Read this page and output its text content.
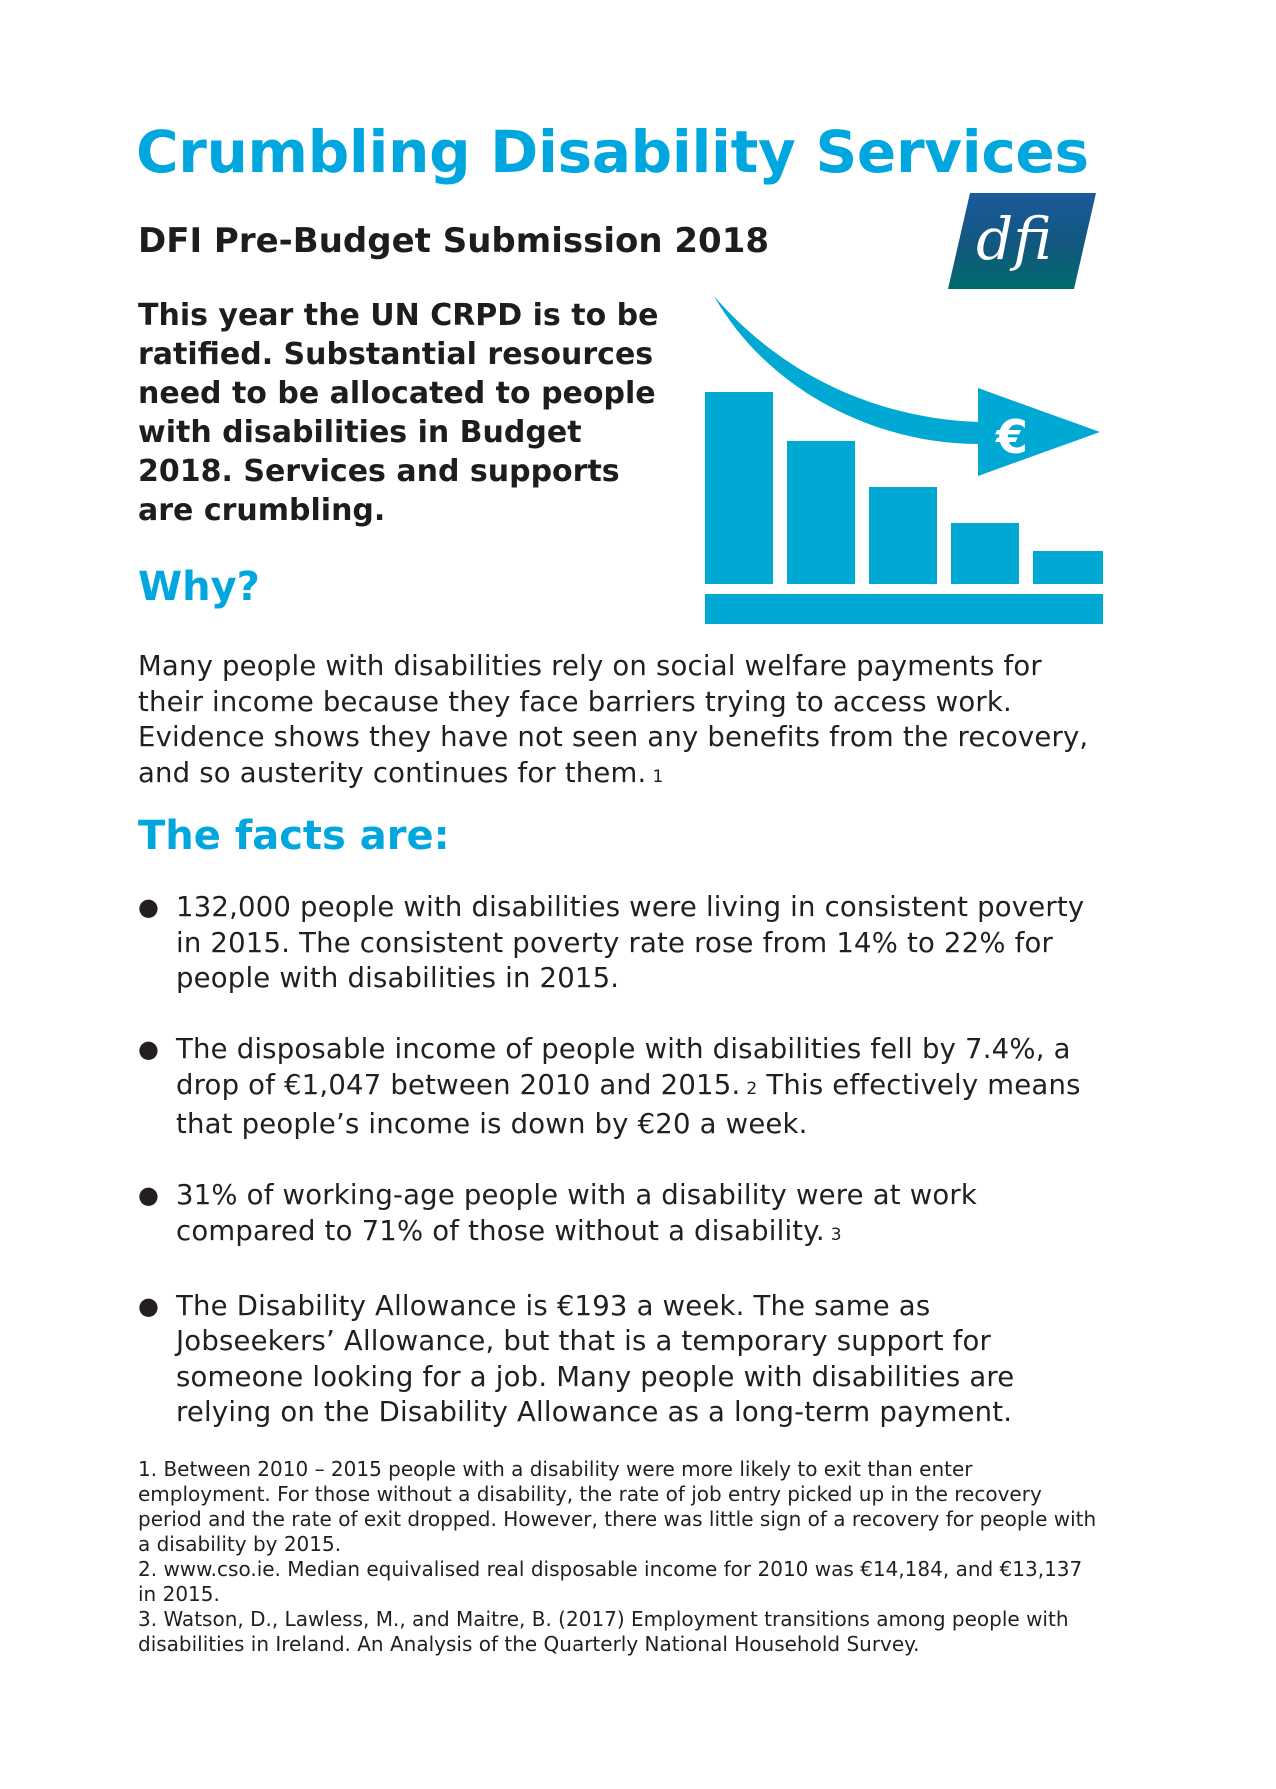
Crumbling Disability Services
DFI Pre-Budget Submission 2018	dfi
This year the UN CRPD is to be
ratified. Substantial resources
need to be allocated to people
with disabilities in Budget
2018. Services and supports
are crumbling.
€
Why?
Many people with disabilities rely on social welfare payments for
their income because they face barriers trying to access work.
Evidence shows they have not seen any benefits from the recovery,
and so austerity continues for them. 1
The facts are:
● 132,000 people with disabilities were living in consistent poverty
in 2015. The consistent poverty rate rose from 14% to 22% for
people with disabilities in 2015.
● The disposable income of people with disabilities fell by 7.4%, a
drop of €1,047 between 2010 and 2015. 2 This effectively means
that people’s income is down by €20 a week.
● 31% of working-age people with a disability were at work
compared to 71% of those without a disability. 3
● The Disability Allowance is €193 a week. The same as
Jobseekers’ Allowance, but that is a temporary support for
someone looking for a job. Many people with disabilities are
relying on the Disability Allowance as a long-term payment.
1. Between 2010 – 2015 people with a disability were more likely to exit than enter
employment. For those without a disability, the rate of job entry picked up in the recovery
period and the rate of exit dropped. However, there was little sign of a recovery for people with
a disability by 2015.
2. www.cso.ie. Median equivalised real disposable income for 2010 was €14,184, and €13,137
in 2015.
3. Watson, D., Lawless, M., and Maitre, B. (2017) Employment transitions among people with
disabilities in Ireland. An Analysis of the Quarterly National Household Survey.
